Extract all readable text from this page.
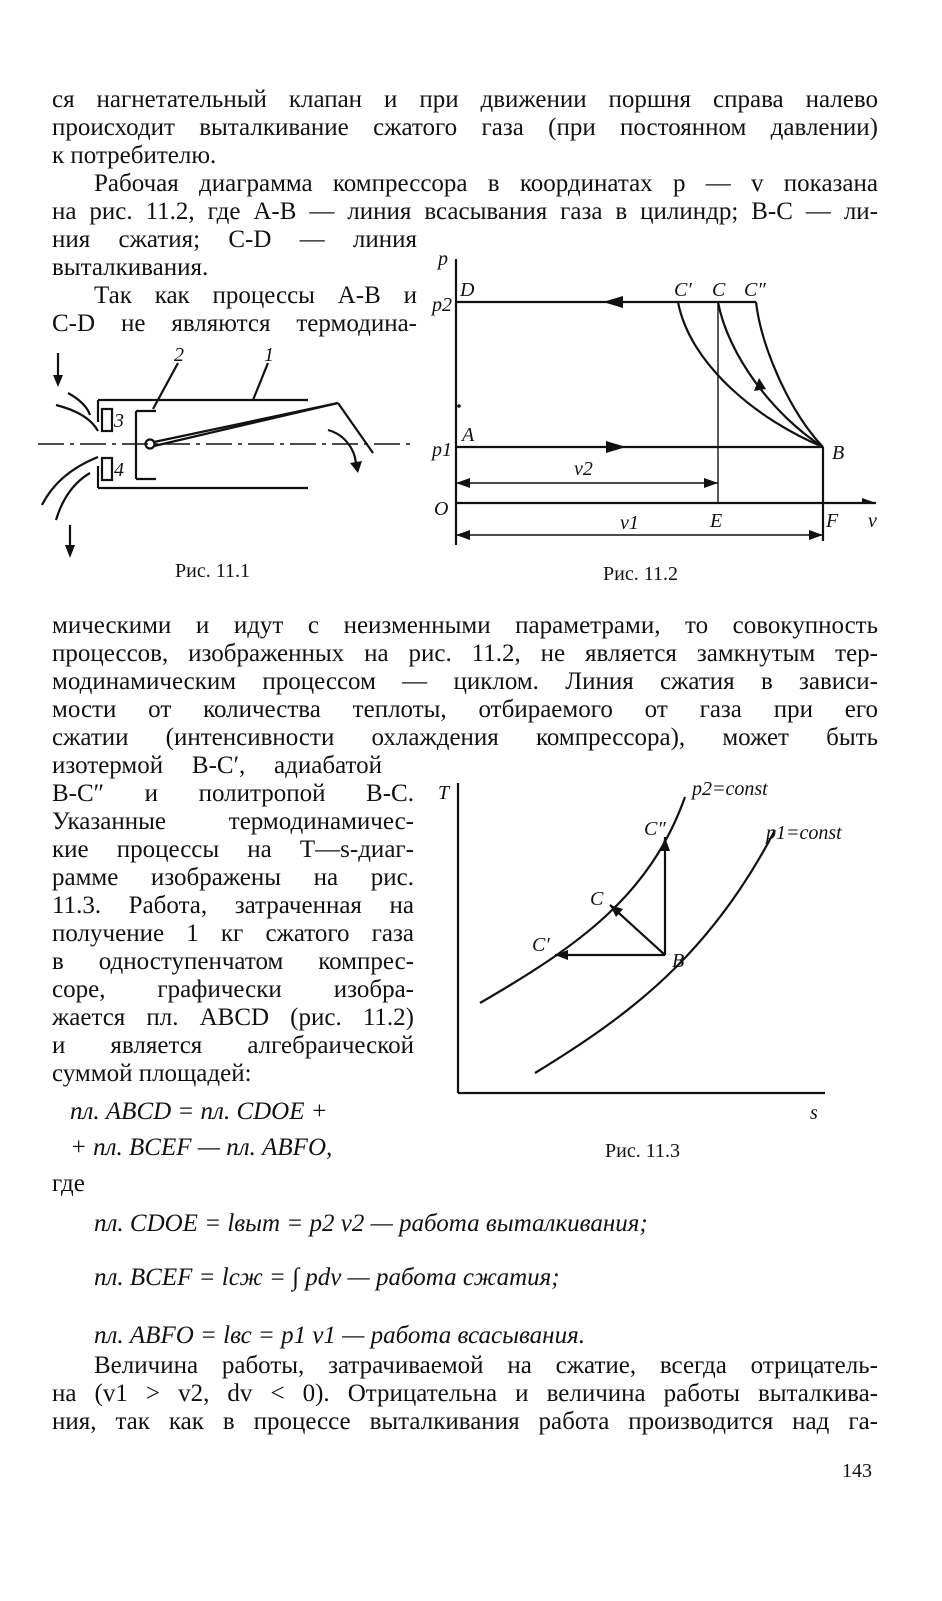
ся нагнетательный клапан и при движении поршня справа налево
происходит выталкивание сжатого газа (при постоянном давлении)
к потребителю.
Рабочая диаграмма компрессора в координатах p — v показана
на рис. 11.2, где A-B — линия всасывания газа в цилиндр; B-C — ли-
ния сжатия; C-D — линия
выталкивания.
Так как процессы A-B и
C-D не являются термодина-
2	1
3
4
Рис. 11.1
p
v
p2
p1
D	C′ C C″
A
B
O
E	F
v2
v1
Рис. 11.2
мическими и идут с неизменными параметрами, то совокупность
процессов, изображенных на рис. 11.2, не является замкнутым тер-
модинамическим процессом — циклом. Линия сжатия в зависи-
мости от количества теплоты, отбираемого от газа при его
сжатии (интенсивности охлаждения компрессора), может быть
изотермой B-C′, адиабатой
B-C″ и политропой B-C.
Указанные термодинамичес-
кие процессы на T—s-диаг-
рамме изображены на рис.
11.3. Работа, затраченная на
получение 1 кг сжатого газа
в одноступенчатом компрес-
соре, графически изобра-
жается пл. ABCD (рис. 11.2)
и является алгебраической
суммой площадей:
пл. ABCD = пл. CDOE +
+ пл. BCEF — пл. ABFO,
где
T
s
p2=const
p1=const
C″
C
C′
B
Рис. 11.3
пл. CDOE = lвыт = p2 v2 — работа выталкивания;
пл. BCEF = lсж = ∫ pdv — работа сжатия;
пл. ABFO = lвс = p1 v1 — работа всасывания.
Величина работы, затрачиваемой на сжатие, всегда отрицатель-
на (v1 > v2, dv < 0). Отрицательна и величина работы выталкива-
ния, так как в процессе выталкивания работа производится над га-
143
